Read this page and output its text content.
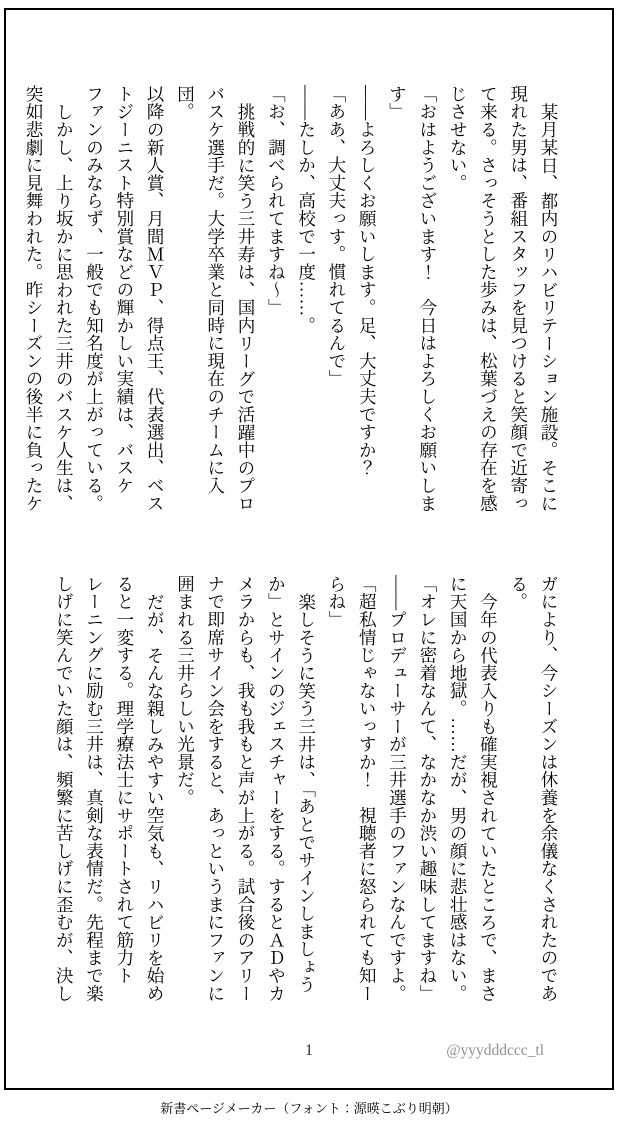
某月某日、都内のリハビリテーション施設。そこに

現れた男は、番組スタッフを見つけると笑顔で近寄っ

て来る。さっそうとした歩みは、松葉づえの存在を感

じさせない。

「おはようございます！　今日はよろしくお願いしま

す」

――よろしくお願いします。足、大丈夫ですか？

「ああ、大丈夫っす。慣れてるんで」

――たしか、高校で一度……。

「お、調べられてますね〜」

挑戦的に笑う三井寿は、国内リーグで活躍中のプロ

バスケ選手だ。大学卒業と同時に現在のチームに入団。

以降の新人賞、月間ＭＶＰ、得点王、代表選出、ベス

トジーニスト特別賞などの輝かしい実績は、バスケ

ファンのみならず、一般でも知名度が上がっている。

しかし、上り坂かに思われた三井のバスケ人生は、

突如悲劇に見舞われた。昨シーズンの後半に負ったケ

ガにより、今シーズンは休養を余儀なくされたのであ

る。

今年の代表入りも確実視されていたところで、まさ

に天国から地獄。……だが、男の顔に悲壮感はない。

「オレに密着なんて、なかなか渋い趣味してますね」

――プロデューサーが三井選手のファンなんですよ。

「超私情じゃないっすか！　視聴者に怒られても知ー

らね」

楽しそうに笑う三井は、「あとでサインしましょう

か」とサインのジェスチャーをする。するとＡＤやカ

メラからも、我も我もと声が上がる。試合後のアリー

ナで即席サイン会をすると、あっというまにファンに

囲まれる三井らしい光景だ。

だが、そんな親しみやすい空気も、リハビリを始め

ると一変する。理学療法士にサポートされて筋力ト

レーニングに励む三井は、真剣な表情だ。先程まで楽

しげに笑んでいた顔は、頻繁に苦しげに歪むが、決し

1	@yyydddccc_tl
新書ページメーカー（フォント：源暎こぶり明朝）
